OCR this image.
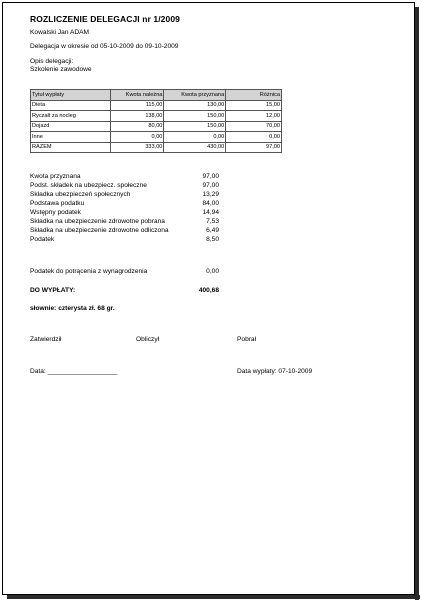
ROZLICZENIE DELEGACJI nr 1/2009
Kowalski Jan ADAM
Delegacja w okresie od 05-10-2009 do 09-10-2009
Opis delegacji:
Szkolenie zawodowe
Tytuł wypłaty	Kwota należna	Kwota przyznana	Różnica
Dieta	115,00	130,00	15,00
Ryczałt za nocleg	138,00	150,00	12,00
Dojazd	80,00	150,00	70,00
Inne	0,00	0,00	0,00
RAZEM	333,00	430,00	97,00
Kwota przyznana	97,00
Podst. składek na ubezpiecz. społeczne	97,00
Składka ubezpieczeń społecznych	13,29
Podstawa podatku	84,00
Wstępny podatek	14,94
Składka na ubezpieczenie zdrowotne pobrana	7,53
Składka na ubezpieczenie zdrowotne odliczona	6,49
Podatek	8,50
Podatek do potrącenia z wynagrodzenia	0,00
DO WYPŁATY:	400,68
słownie: czterysta zł. 68 gr.
Zatwierdził	Obliczył	Pobrał
Data: ___________________	Data wypłaty: 07-10-2009
